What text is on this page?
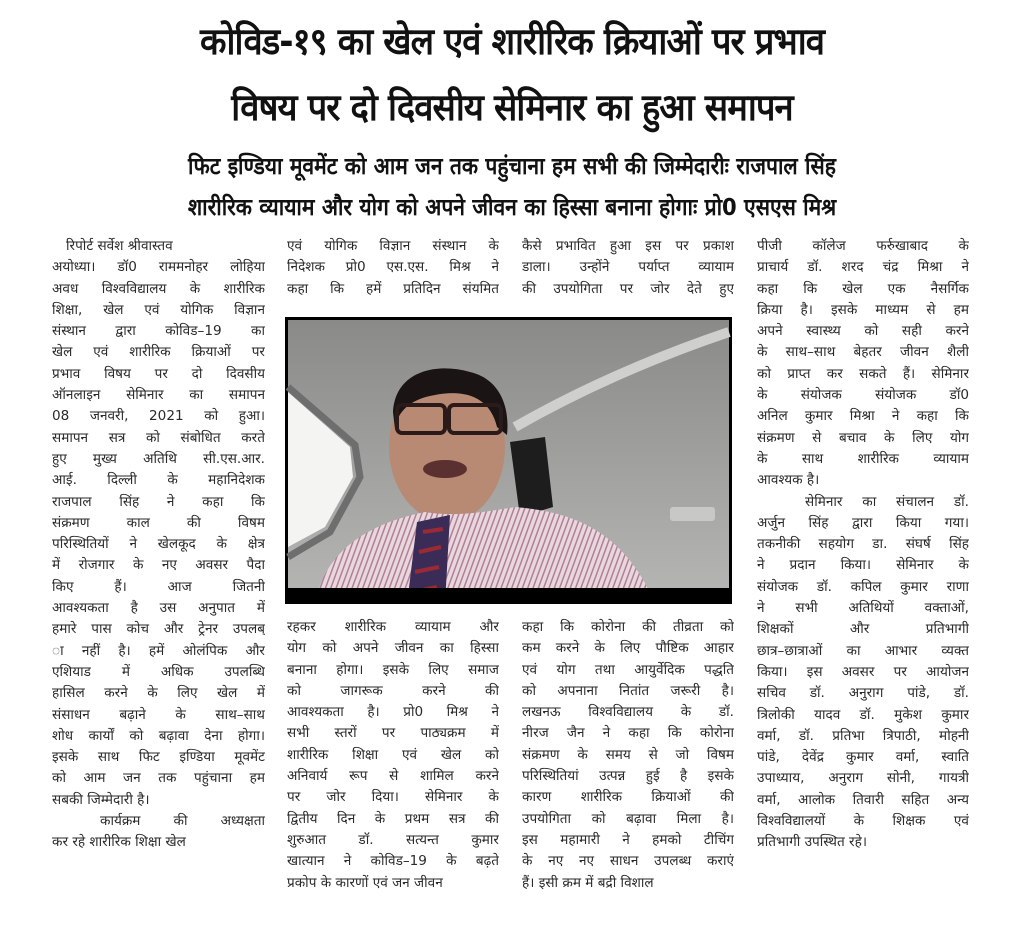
कोविड-१९ का खेल एवं शारीरिक क्रियाओं पर प्रभाव
विषय पर दो दिवसीय सेमिनार का हुआ समापन
फिट इण्डिया मूवमेंट को आम जन तक पहुंचाना हम सभी की जिम्मेदारीः राजपाल सिंह
शारीरिक व्यायाम और योग को अपने जीवन का हिस्सा बनाना होगाः प्रो0 एसएस मिश्र
रिपोर्ट सर्वेश श्रीवास्तव
अयोध्या। डॉ0 राममनोहर लोहिया
अवध विश्वविद्यालय के शारीरिक
शिक्षा, खेल एवं योगिक विज्ञान
संस्थान द्वारा कोविड–19 का
खेल एवं शारीरिक क्रियाओं पर
प्रभाव विषय पर दो दिवसीय
ऑनलाइन सेमिनार का समापन
08 जनवरी, 2021 को हुआ।
समापन सत्र को संबोधित करते
हुए मुख्य अतिथि सी.एस.आर.
आई. दिल्ली के महानिदेशक
राजपाल सिंह ने कहा कि
संक्रमण काल की विषम
परिस्थितियों ने खेलकूद के क्षेत्र
में रोजगार के नए अवसर पैदा
किए हैं। आज जितनी
आवश्यकता है उस अनुपात में
हमारे पास कोच और ट्रेनर उपलब्
ा नहीं है। हमें ओलंपिक और
एशियाड में अधिक उपलब्धि
हासिल करने के लिए खेल में
संसाधन बढ़ाने के साथ–साथ
शोध कार्यों को बढ़ावा देना होगा।
इसके साथ फिट इण्डिया मूवमेंट
को आम जन तक पहुंचाना हम
सबकी जिम्मेदारी है।
कार्यक्रम की अध्यक्षता
कर रहे शारीरिक शिक्षा खेल
एवं योगिक विज्ञान संस्थान के
निदेशक प्रो0 एस.एस. मिश्र ने
कहा कि हमें प्रतिदिन संयमित
कैसे प्रभावित हुआ इस पर प्रकाश
डाला। उन्होंने पर्याप्त व्यायाम
की उपयोगिता पर जोर देते हुए
पीजी कॉलेज फर्रुखाबाद के
प्राचार्य डॉ. शरद चंद्र मिश्रा ने
कहा कि खेल एक नैसर्गिक
क्रिया है। इसके माध्यम से हम
अपने स्वास्थ्य को सही करने
के साथ–साथ बेहतर जीवन शैली
को प्राप्त कर सकते हैं। सेमिनार
के संयोजक संयोजक डॉ0
अनिल कुमार मिश्रा ने कहा कि
संक्रमण से बचाव के लिए योग
के साथ शारीरिक व्यायाम
आवश्यक है।
सेमिनार का संचालन डॉ.
अर्जुन सिंह द्वारा किया गया।
तकनीकी सहयोग डा. संघर्ष सिंह
ने प्रदान किया। सेमिनार के
संयोजक डॉ. कपिल कुमार राणा
ने सभी अतिथियों वक्ताओं,
शिक्षकों और प्रतिभागी
छात्र–छात्राओं का आभार व्यक्त
किया। इस अवसर पर आयोजन
सचिव डॉ. अनुराग पांडे, डॉ.
त्रिलोकी यादव डॉ. मुकेश कुमार
वर्मा, डॉ. प्रतिभा त्रिपाठी, मोहनी
पांडे, देवेंद्र कुमार वर्मा, स्वाति
उपाध्याय, अनुराग सोनी, गायत्री
वर्मा, आलोक तिवारी सहित अन्य
विश्वविद्यालयों के शिक्षक एवं
प्रतिभागी उपस्थित रहे।
रहकर शारीरिक व्यायाम और
योग को अपने जीवन का हिस्सा
बनाना होगा। इसके लिए समाज
को जागरूक करने की
आवश्यकता है। प्रो0 मिश्र ने
सभी स्तरों पर पाठ्यक्रम में
शारीरिक शिक्षा एवं खेल को
अनिवार्य रूप से शामिल करने
पर जोर दिया। सेमिनार के
द्वितीय दिन के प्रथम सत्र की
शुरुआत डॉ. सत्यन्त कुमार
खात्यान ने कोविड–19 के बढ़ते
प्रकोप के कारणों एवं जन जीवन
कहा कि कोरोना की तीव्रता को
कम करने के लिए पौष्टिक आहार
एवं योग तथा आयुर्वेदिक पद्धति
को अपनाना नितांत जरूरी है।
लखनऊ विश्वविद्यालय के डॉ.
नीरज जैन ने कहा कि कोरोना
संक्रमण के समय से जो विषम
परिस्थितियां उत्पन्न हुई है इसके
कारण शारीरिक क्रियाओं की
उपयोगिता को बढ़ावा मिला है।
इस महामारी ने हमको टीचिंग
के नए नए साधन उपलब्ध कराएं
हैं। इसी क्रम में बद्री विशाल
